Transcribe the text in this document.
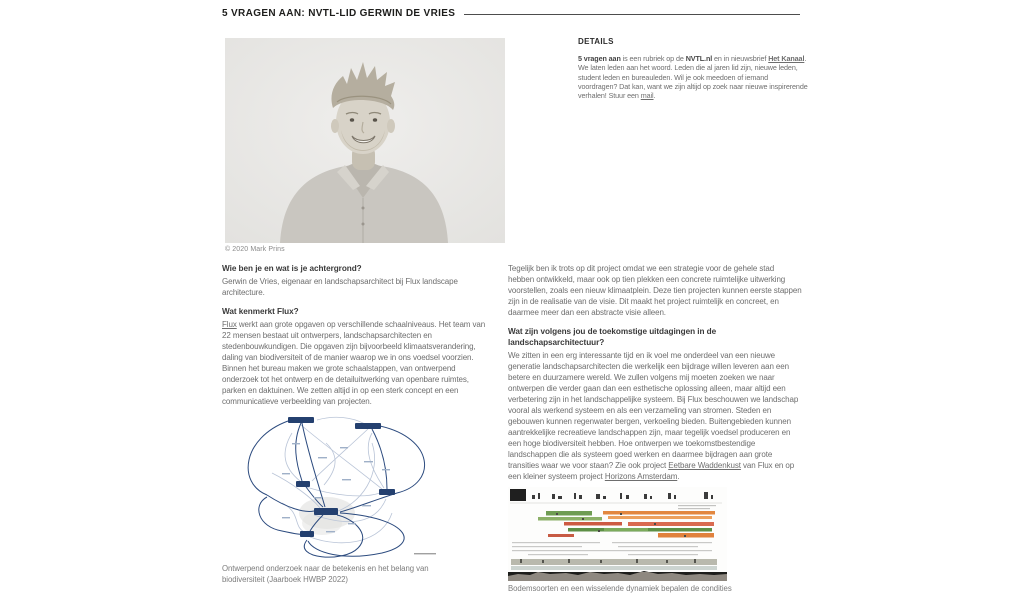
5 VRAGEN AAN: NVTL-LID GERWIN DE VRIES
© 2020 Mark Prins
DETAILS

5 vragen aan is een rubriek op de NVTL.nl en in nieuwsbrief Het Kanaal. We laten leden aan het woord. Leden die al jaren lid zijn, nieuwe leden, student leden en bureauleden. Wil je ook meedoen of iemand voordragen? Dat kan, want we zijn altijd op zoek naar nieuwe inspirerende verhalen! Stuur een mail.

Wie ben je en wat is je achtergrond?

Gerwin de Vries, eigenaar en landschapsarchitect bij Flux landscape architecture.

Wat kenmerkt Flux?

Flux werkt aan grote opgaven op verschillende schaalniveaus. Het team van 22 mensen bestaat uit ontwerpers, landschapsarchitecten en stedenbouwkundigen. Die opgaven zijn bijvoorbeeld klimaatsverandering, daling van biodiversiteit of de manier waarop we in ons voedsel voorzien. Binnen het bureau maken we grote schaalstappen, van ontwerpend onderzoek tot het ontwerp en de detailuitwerking van openbare ruimtes, parken en daktuinen. We zetten altijd in op een sterk concept en een communicatieve verbeelding van projecten.

Ontwerpend onderzoek naar de betekenis en het belang van biodiversiteit (Jaarboek HWBP 2022)

Tegelijk ben ik trots op dit project omdat we een strategie voor de gehele stad hebben ontwikkeld, maar ook op tien plekken een concrete ruimtelijke uitwerking voorstellen, zoals een nieuw klimaatplein. Deze tien projecten kunnen eerste stappen zijn in de realisatie van de visie. Dit maakt het project ruimtelijk en concreet, en daarmee meer dan een abstracte visie alleen.

Wat zijn volgens jou de toekomstige uitdagingen in de landschapsarchitectuur?

We zitten in een erg interessante tijd en ik voel me onderdeel van een nieuwe generatie landschapsarchitecten die werkelijk een bijdrage willen leveren aan een betere en duurzamere wereld. We zullen volgens mij moeten zoeken we naar ontwerpen die verder gaan dan een esthetische oplossing alleen, maar altijd een verbetering zijn in het landschappelijke systeem. Bij Flux beschouwen we landschap vooral als werkend systeem en als een verzameling van stromen. Steden en gebouwen kunnen regenwater bergen, verkoeling bieden. Buitengebieden kunnen aantrekkelijke recreatieve landschappen zijn, maar tegelijk voedsel produceren en een hoge biodiversiteit hebben. Hoe ontwerpen we toekomstbestendige landschappen die als systeem goed werken en daarmee bijdragen aan grote transities waar we voor staan? Zie ook project Eetbare Waddenkust van Flux en op een kleiner systeem project Horizons Amsterdam.

Bodemsoorten en een wisselende dynamiek bepalen de condities
